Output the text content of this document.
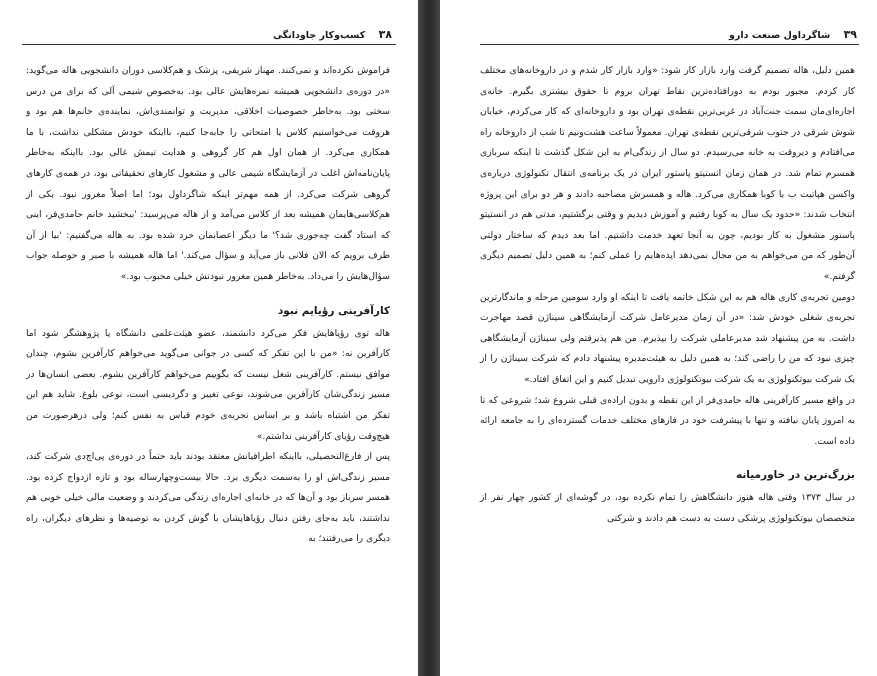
۳۸ کسب‌وکار جاودانگی

فراموش نکرده‌اند و نمی‌کنند. مهناز شریفی، پزشک و هم‌کلاسی دوران دانشجویی هاله می‌گوید: «در دوره‌ی دانشجویی همیشه نمره‌هایش عالی بود. به‌خصوص شیمی آلی که برای من درس سختی بود. به‌خاطر خصوصیات اخلاقی، مدیریت و توانمندی‌اش، نماینده‌ی خانم‌ها هم بود و هروقت می‌خواستیم کلاس یا امتحانی را جابه‌جا کنیم، بااینکه خودش مشکلی نداشت، با ما همکاری می‌کرد. از همان اول هم کار گروهی و هدایت تیمش عالی بود. بااینکه به‌خاطر پایان‌نامه‌اش اغلب در آزمایشگاه شیمی عالی و مشغول کارهای تحقیقاتی بود، در همه‌ی کارهای گروهی شرکت می‌کرد. از همه مهم‌تر اینکه شاگرداول بود؛ اما اصلاً مغرور نبود. یکی از هم‌کلاسی‌هایمان همیشه بعد از کلاس می‌آمد و از هاله می‌پرسید: 'ببخشید خانم حامدی‌فر، اینی که استاد گفت چه‌جوری شد؟' ما دیگر اعصابمان خرد شده بود. به هاله می‌گفتیم: 'بیا از آن طرف برویم که الان فلانی باز می‌آید و سؤال می‌کند.' اما هاله همیشه با صبر و حوصله جواب سؤال‌هایش را می‌داد. به‌خاطر همین مغرور نبودنش خیلی محبوب بود.»

کارآفرینی رؤیایم نبود

هاله توی رؤیاهایش فکر می‌کرد دانشمند، عضو هیئت‌علمی دانشگاه یا پژوهشگر شود اما کارآفرین نه: «من با این تفکر که کسی در جوانی می‌گوید می‌خواهم کارآفرین بشوم، چندان موافق نیستم. کارآفرینی شغل نیست که بگوییم می‌خواهم کارآفرین بشوم. بعضی انسان‌ها در مسیر زندگی‌شان کارآفرین می‌شوند، نوعی تغییر و دگردیسی است، نوعی بلوغ. شاید هم این تفکر من اشتباه باشد و بر اساس تجربه‌ی خودم قیاس به نفس کنم؛ ولی درهرصورت من هیچ‌وقت رؤیای کارآفرینی نداشتم.»

پس از فارغ‌التحصیلی، بااینکه اطرافیانش معتقد بودند باید حتماً در دوره‌ی پی‌اچ‌دی شرکت کند، مسیر زندگی‌اش او را به‌سمت دیگری برد. حالا بیست‌وچهارساله بود و تازه ازدواج کرده بود. همسر سرباز بود و آن‌ها که در خانه‌ای اجاره‌ای زندگی می‌کردند و وضعیت مالی خیلی خوبی هم نداشتند، باید به‌جای رفتن دنبال رؤیاهایشان با گوش کردن به توصیه‌ها و نظرهای دیگران، راه دیگری را می‌رفتند؛ به

۳۹ شاگرداول صنعت دارو

همین دلیل، هاله تصمیم گرفت وارد بازار کار شود: «وارد بازار کار شدم و در داروخانه‌های مختلف کار کردم. مجبور بودم به دورافتاده‌ترین نقاط تهران بروم تا حقوق بیشتری بگیرم. خانه‌ی اجاره‌ای‌مان سمت جنت‌آباد در غربی‌ترین نقطه‌ی تهران بود و داروخانه‌ای که کار می‌کردم، خیابان شوش شرقی در جنوب شرقی‌ترین نقطه‌ی تهران. معمولاً ساعت هشت‌ونیم تا شب از داروخانه راه می‌افتادم و دیروقت به خانه می‌رسیدم. دو سال از زندگی‌ام به این شکل گذشت تا اینکه سربازی همسرم تمام شد. در همان زمان انستیتو پاستور ایران در یک برنامه‌ی انتقال تکنولوژی درباره‌ی واکسن هپاتیت ب با کوبا همکاری می‌کرد. هاله و همسرش مصاحبه دادند و هر دو برای این پروژه انتخاب شدند: «حدود یک سال به کوبا رفتیم و آموزش دیدیم و وقتی برگشتیم، مدتی هم در انستیتو پاستور مشغول به کار بودیم، چون به آنجا تعهد خدمت داشتیم. اما بعد دیدم که ساختار دولتی آن‌طور که من می‌خواهم به من مجال نمی‌دهد ایده‌هایم را عملی کنم؛ به همین دلیل تصمیم دیگری گرفتم.»

دومین تجربه‌ی کاری هاله هم به این شکل خاتمه یافت تا اینکه او وارد سومین مرحله و ماندگارترین تجربه‌ی شغلی خودش شد: «در آن زمان مدیرعامل شرکت آزمایشگاهی سیناژن قصد مهاجرت داشت. به من پیشنهاد شد مدیرعاملی شرکت را بپذیرم. من هم پذیرفتم ولی سیناژن آزمایشگاهی چیزی نبود که من را راضی کند؛ به همین دلیل به هیئت‌مدیره پیشنهاد دادم که شرکت سیناژن را از یک شرکت بیوتکنولوژی به یک شرکت بیوتکنولوژی دارویی تبدیل کنیم و این اتفاق افتاد.»

در واقع مسیر کارآفرینی هاله حامدی‌فر از این نقطه و بدون اراده‌ی قبلی شروع شد؛ شروعی که تا به امروز پایان نیافته و تنها با پیشرفت خود در فازهای مختلف خدمات گسترده‌ای را به جامعه ارائه داده است.

بزرگ‌ترین در خاورمیانه

در سال ۱۳۷۳ وقتی هاله هنوز دانشگاهش را تمام نکرده بود، در گوشه‌ای از کشور چهار نفر از متخصصان بیوتکنولوژی پزشکی دست به دست هم دادند و شرکتی
